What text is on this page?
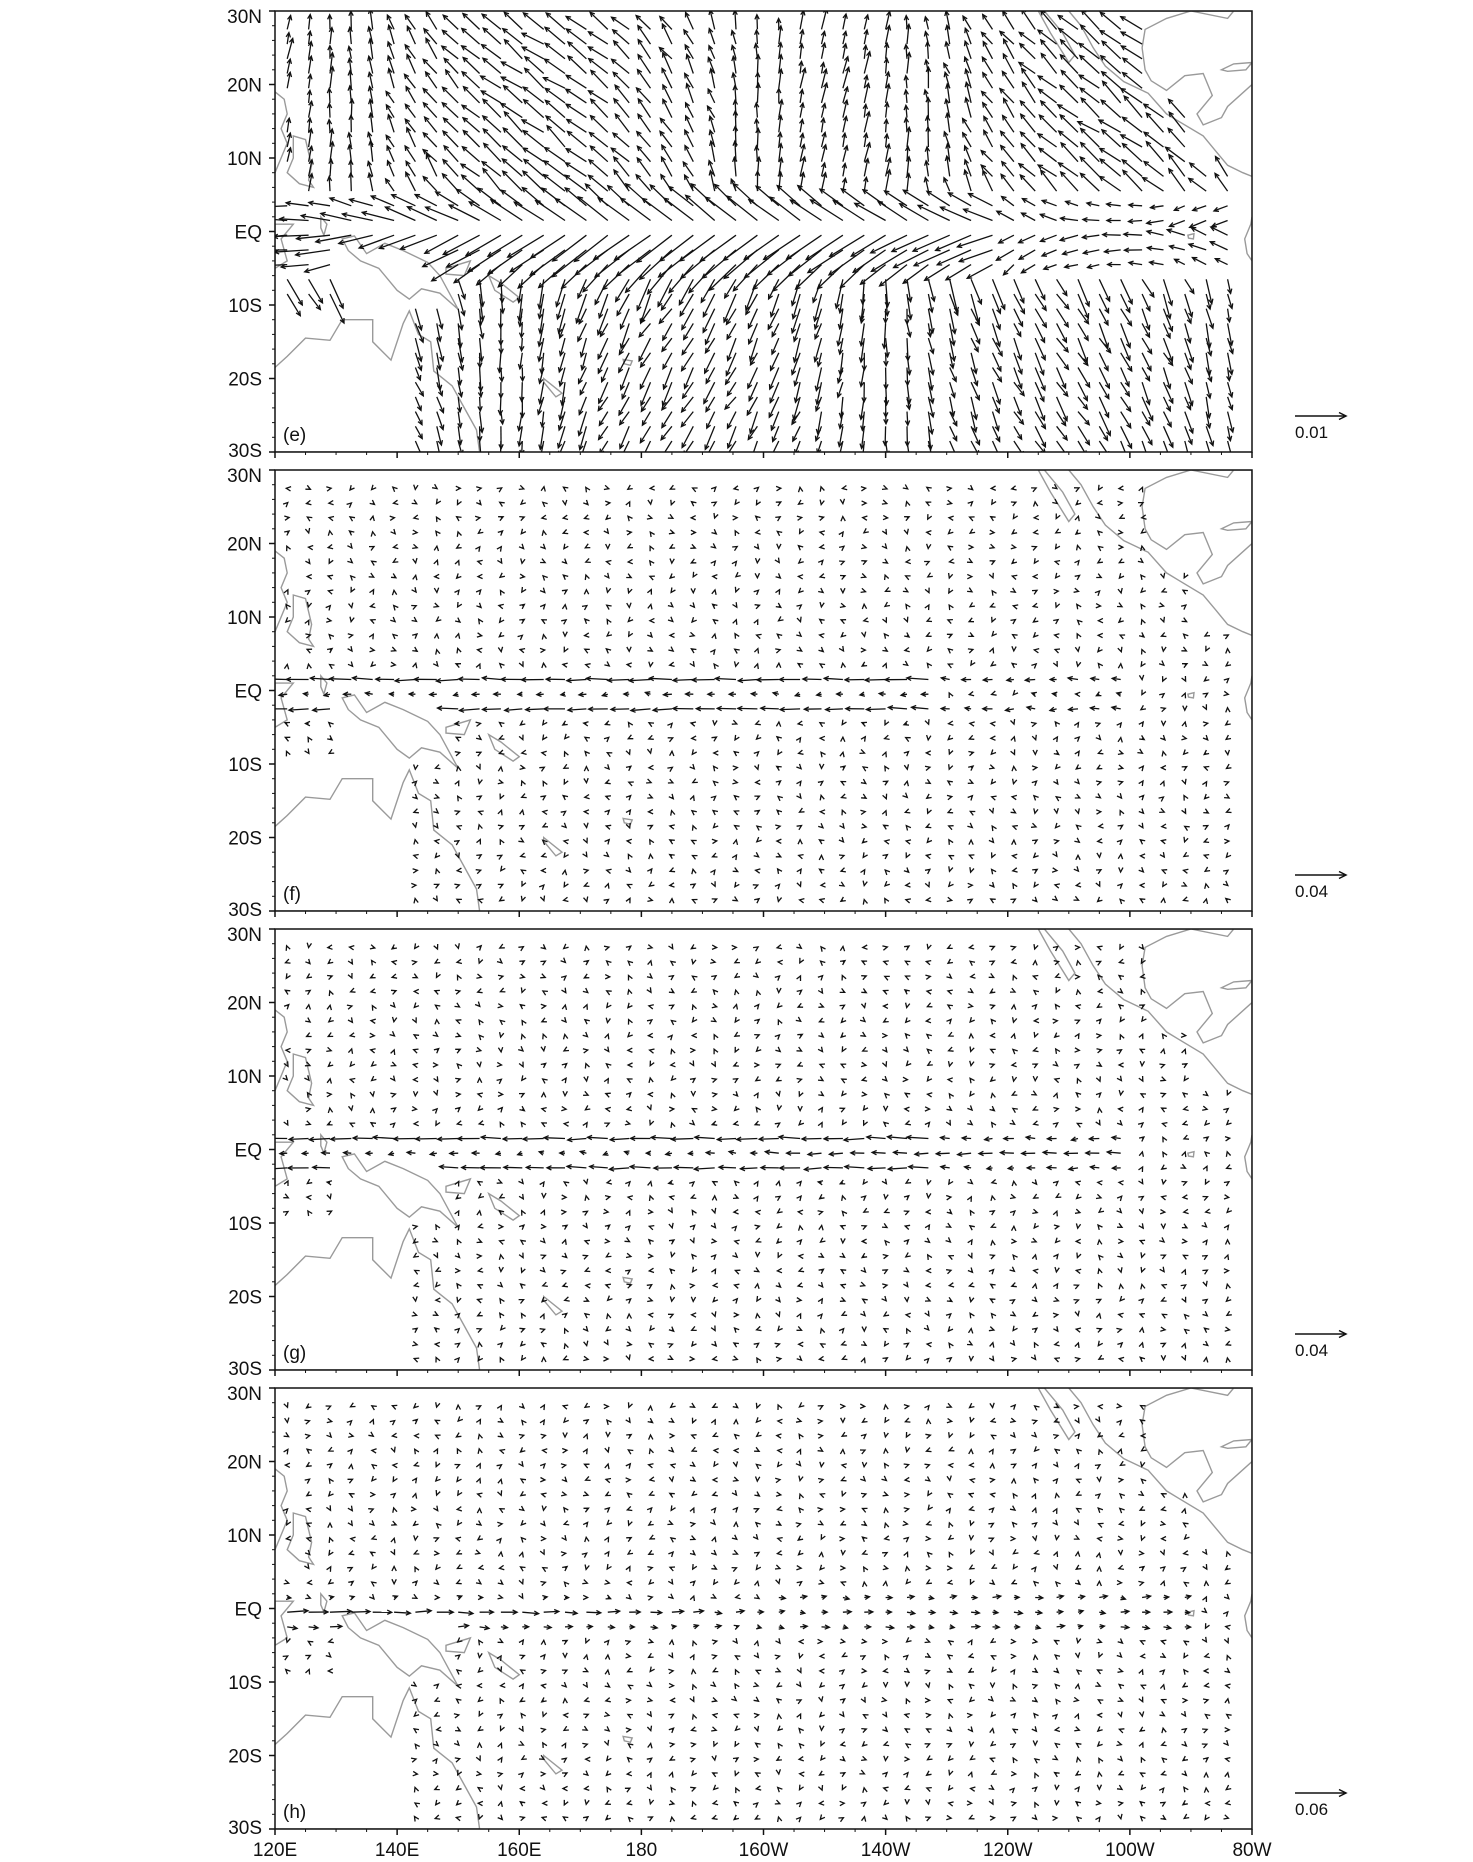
30N
20N
10N
EQ
10S
20S
30S
(e)	0.01
30N
20N
10N
EQ
10S
20S
30S
(f)	0.04
30N
20N
10N
EQ
10S
20S
30S
(g)	0.04
30N
20N
10N
EQ
10S
20S
30S
(h)	0.06
120E	140E	160E	180	160W	140W	120W	100W	80W
